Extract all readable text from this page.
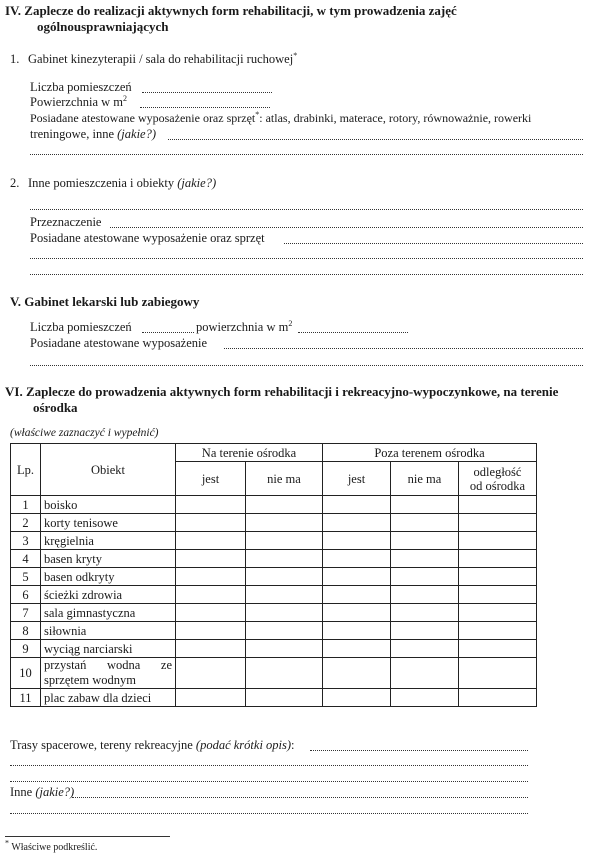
IV. Zaplecze do realizacji aktywnych form rehabilitacji, w tym prowadzenia zajęć
ogólnousprawniających
1. Gabinet kinezyterapii / sala do rehabilitacji ruchowej*
Liczba pomieszczeń
Powierzchnia w $m^2$
Posiadane atestowane wyposażenie oraz sprzęt*: atlas, drabinki, materace, rotory, równoważnie, rowerki
treningowe, inne (jakie?)
2. Inne pomieszczenia i obiekty (jakie?)
Przeznaczenie
Posiadane atestowane wyposażenie oraz sprzęt
V. Gabinet lekarski lub zabiegowy
Liczba pomieszczeń	powierzchnia w $m^2$
Posiadane atestowane wyposażenie
VI. Zaplecze do prowadzenia aktywnych form rehabilitacji i rekreacyjno-wypoczynkowe, na terenie
ośrodka
(właściwe zaznaczyć i wypełnić)
Lp.	Obiekt	Na terenie ośrodka		Poza terenem ośrodka		
		jest	nie ma	jest	nie ma	odległość
od ośrodka
1	boisko					
2	korty tenisowe					
3	kręgielnia					
4	basen kryty					
5	basen odkryty					
6	ścieżki zdrowia					
7	sala gimnastyczna					
8	siłownia					
9	wyciąg narciarski					
10	przystań wodna ze sprzętem wodnym					
11	plac zabaw dla dzieci					
Trasy spacerowe, tereny rekreacyjne (podać krótki opis):
Inne (jakie?)
* Właściwe podkreślić.
